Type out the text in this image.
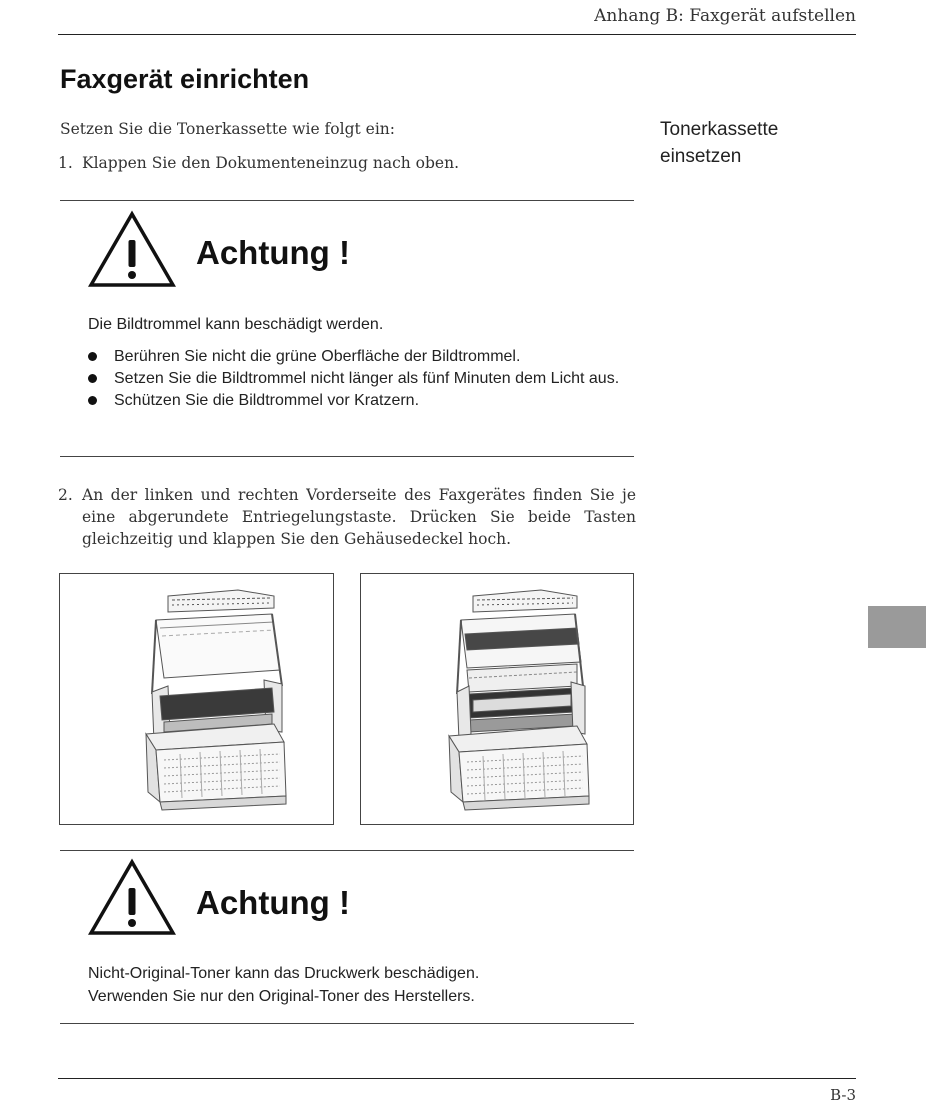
Anhang B: Faxgerät aufstellen
Faxgerät einrichten
Tonerkassette
einsetzen
Setzen Sie die Tonerkassette wie folgt ein:
1. Klappen Sie den Dokumenteneinzug nach oben.
Achtung !
Die Bildtrommel kann beschädigt werden.
Berühren Sie nicht die grüne Oberfläche der Bildtrommel.
Setzen Sie die Bildtrommel nicht länger als fünf Minuten dem Licht aus.
Schützen Sie die Bildtrommel vor Kratzern.
2. An der linken und rechten Vorderseite des Faxgerätes finden Sie je eine abgerundete Entriegelungstaste. Drücken Sie beide Tasten gleichzeitig und klappen Sie den Gehäusedeckel hoch.
Achtung !
Nicht-Original-Toner kann das Druckwerk beschädigen.
Verwenden Sie nur den Original-Toner des Herstellers.
B-3
